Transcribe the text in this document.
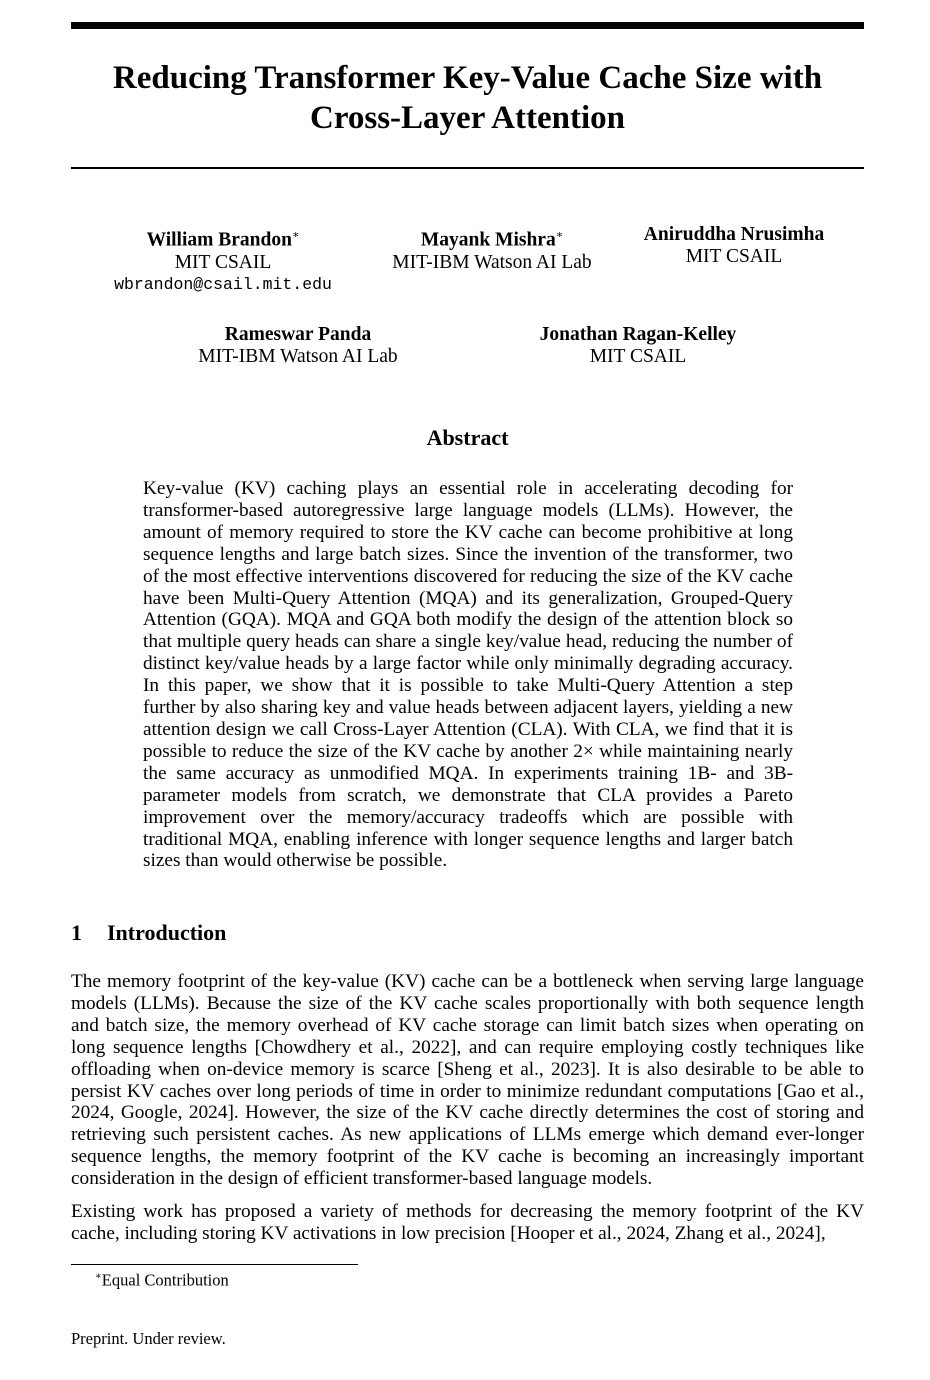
Reducing Transformer Key-Value Cache Size with
Cross-Layer Attention
William Brandon∗
MIT CSAIL
wbrandon@csail.mit.edu
Mayank Mishra∗
MIT-IBM Watson AI Lab
Aniruddha Nrusimha
MIT CSAIL
Rameswar Panda
MIT-IBM Watson AI Lab
Jonathan Ragan-Kelley
MIT CSAIL
Abstract

Key-value (KV) caching plays an essential role in accelerating decoding for transformer-based autoregressive large language models (LLMs). However, the amount of memory required to store the KV cache can become prohibitive at long sequence lengths and large batch sizes. Since the invention of the transformer, two of the most effective interventions discovered for reducing the size of the KV cache have been Multi-Query Attention (MQA) and its generalization, Grouped-Query Attention (GQA). MQA and GQA both modify the design of the attention block so that multiple query heads can share a single key/value head, reducing the number of distinct key/value heads by a large factor while only minimally degrading accuracy. In this paper, we show that it is possible to take Multi-Query Attention a step further by also sharing key and value heads between adjacent layers, yielding a new attention design we call Cross-Layer Attention (CLA). With CLA, we find that it is possible to reduce the size of the KV cache by another 2× while maintaining nearly the same accuracy as unmodified MQA. In experiments training 1B- and 3B-parameter models from scratch, we demonstrate that CLA provides a Pareto improvement over the memory/accuracy tradeoffs which are possible with traditional MQA, enabling inference with longer sequence lengths and larger batch sizes than would otherwise be possible.

1 Introduction

The memory footprint of the key-value (KV) cache can be a bottleneck when serving large language models (LLMs). Because the size of the KV cache scales proportionally with both sequence length and batch size, the memory overhead of KV cache storage can limit batch sizes when operating on long sequence lengths [Chowdhery et al., 2022], and can require employing costly techniques like offloading when on-device memory is scarce [Sheng et al., 2023]. It is also desirable to be able to persist KV caches over long periods of time in order to minimize redundant computations [Gao et al., 2024, Google, 2024]. However, the size of the KV cache directly determines the cost of storing and retrieving such persistent caches. As new applications of LLMs emerge which demand ever-longer sequence lengths, the memory footprint of the KV cache is becoming an increasingly important consideration in the design of efficient transformer-based language models.

Existing work has proposed a variety of methods for decreasing the memory footprint of the KV cache, including storing KV activations in low precision [Hooper et al., 2024, Zhang et al., 2024],

∗Equal Contribution

Preprint. Under review.
